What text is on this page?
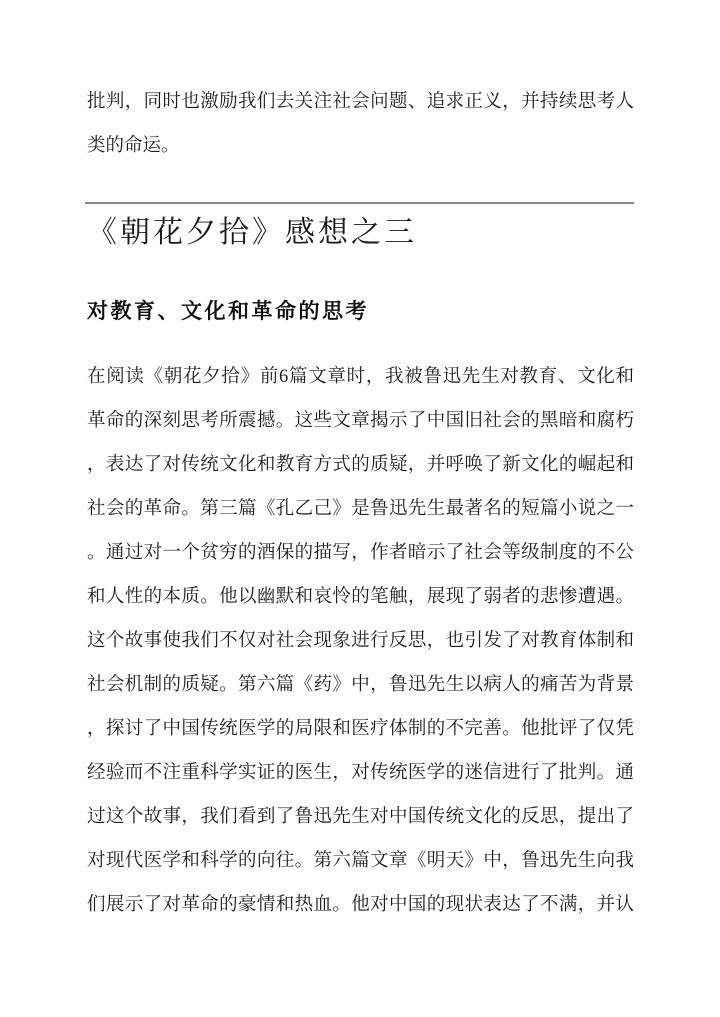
批判，同时也激励我们去关注社会问题、追求正义，并持续思考人
类的命运。
《朝花夕拾》感想之三
对教育、文化和革命的思考
在阅读《朝花夕拾》前6篇文章时，我被鲁迅先生对教育、文化和
革命的深刻思考所震撼。这些文章揭示了中国旧社会的黑暗和腐朽
，表达了对传统文化和教育方式的质疑，并呼唤了新文化的崛起和
社会的革命。第三篇《孔乙己》是鲁迅先生最著名的短篇小说之一
。通过对一个贫穷的酒保的描写，作者暗示了社会等级制度的不公
和人性的本质。他以幽默和哀怜的笔触，展现了弱者的悲惨遭遇。
这个故事使我们不仅对社会现象进行反思，也引发了对教育体制和
社会机制的质疑。第六篇《药》中，鲁迅先生以病人的痛苦为背景
，探讨了中国传统医学的局限和医疗体制的不完善。他批评了仅凭
经验而不注重科学实证的医生，对传统医学的迷信进行了批判。通
过这个故事，我们看到了鲁迅先生对中国传统文化的反思，提出了
对现代医学和科学的向往。第六篇文章《明天》中，鲁迅先生向我
们展示了对革命的豪情和热血。他对中国的现状表达了不满，并认
